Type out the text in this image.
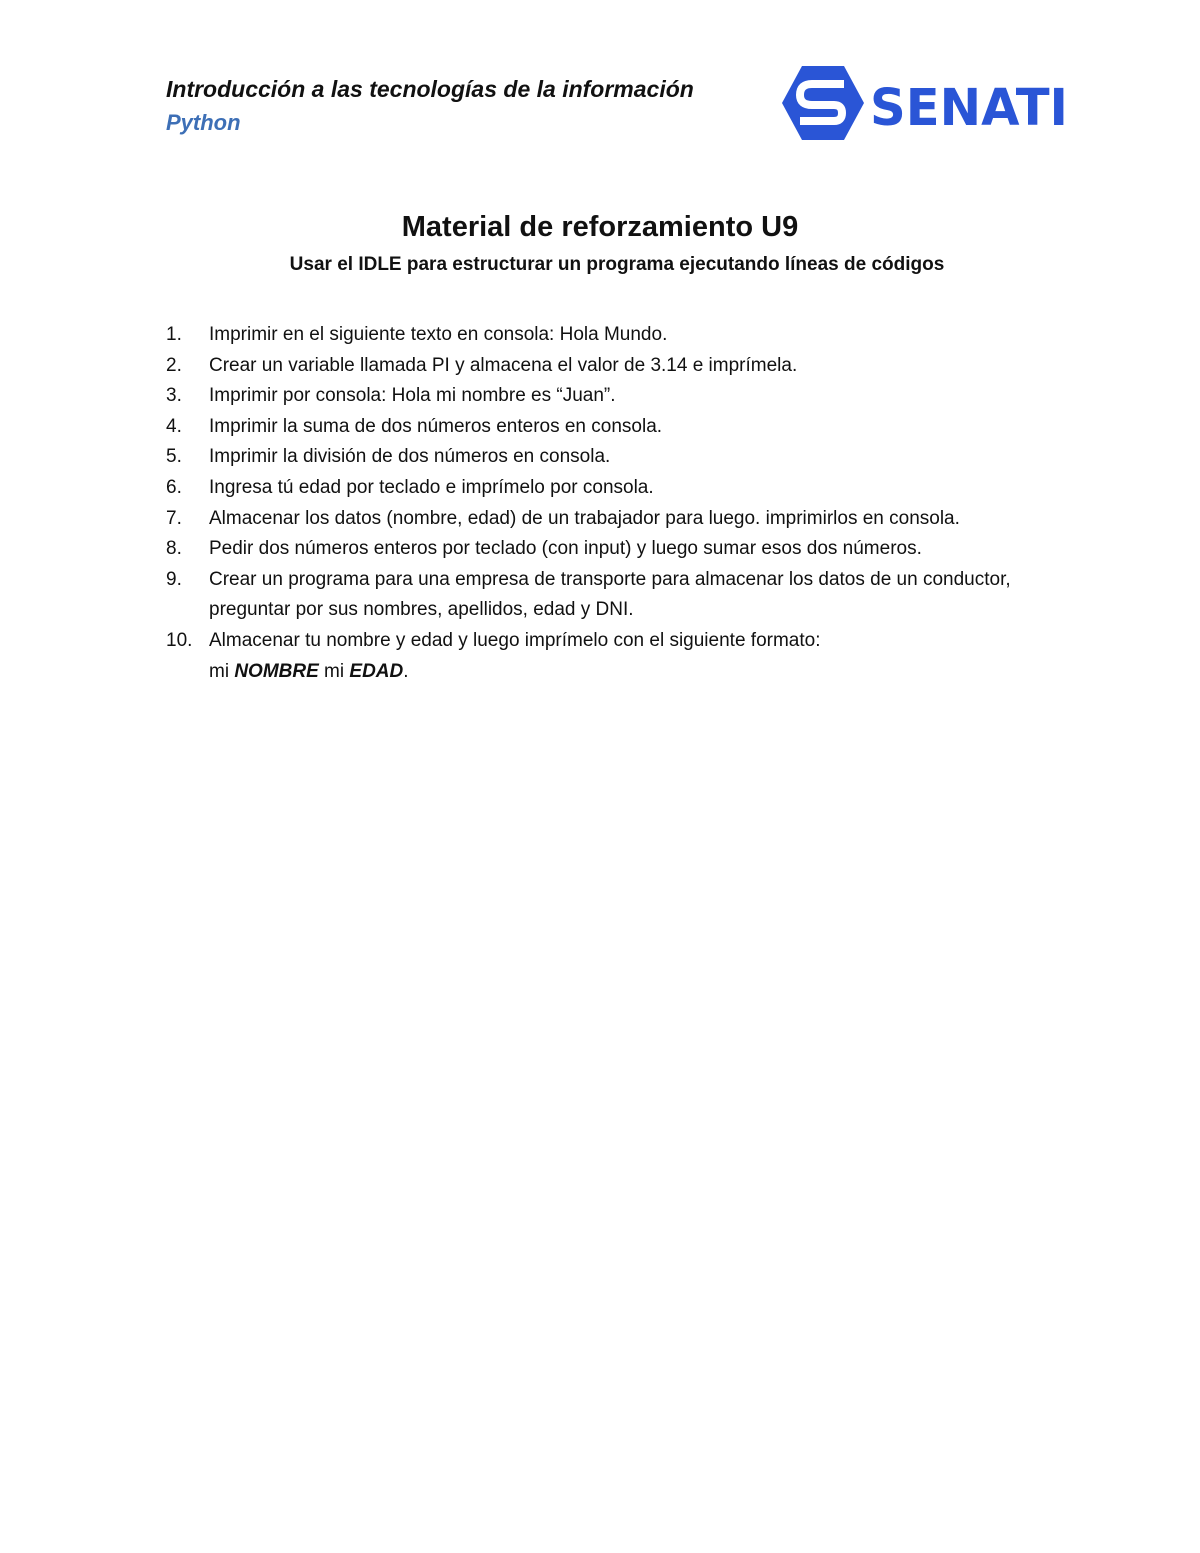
Introducción a las tecnologías de la información
Python	SENATI
Material de reforzamiento U9
Usar el IDLE para estructurar un programa ejecutando líneas de códigos
1. Imprimir en el siguiente texto en consola: Hola Mundo.
2. Crear un variable llamada PI y almacena el valor de 3.14 e imprímela.
3. Imprimir por consola: Hola mi nombre es “Juan”.
4. Imprimir la suma de dos números enteros en consola.
5. Imprimir la división de dos números en consola.
6. Ingresa tú edad por teclado e imprímelo por consola.
7. Almacenar los datos (nombre, edad) de un trabajador para luego. imprimirlos en consola.
8. Pedir dos números enteros por teclado (con input) y luego sumar esos dos números.
9. Crear un programa para una empresa de transporte para almacenar los datos de un conductor, preguntar por sus nombres, apellidos, edad y DNI.
10. Almacenar tu nombre y edad y luego imprímelo con el siguiente formato:
mi NOMBRE mi EDAD.
